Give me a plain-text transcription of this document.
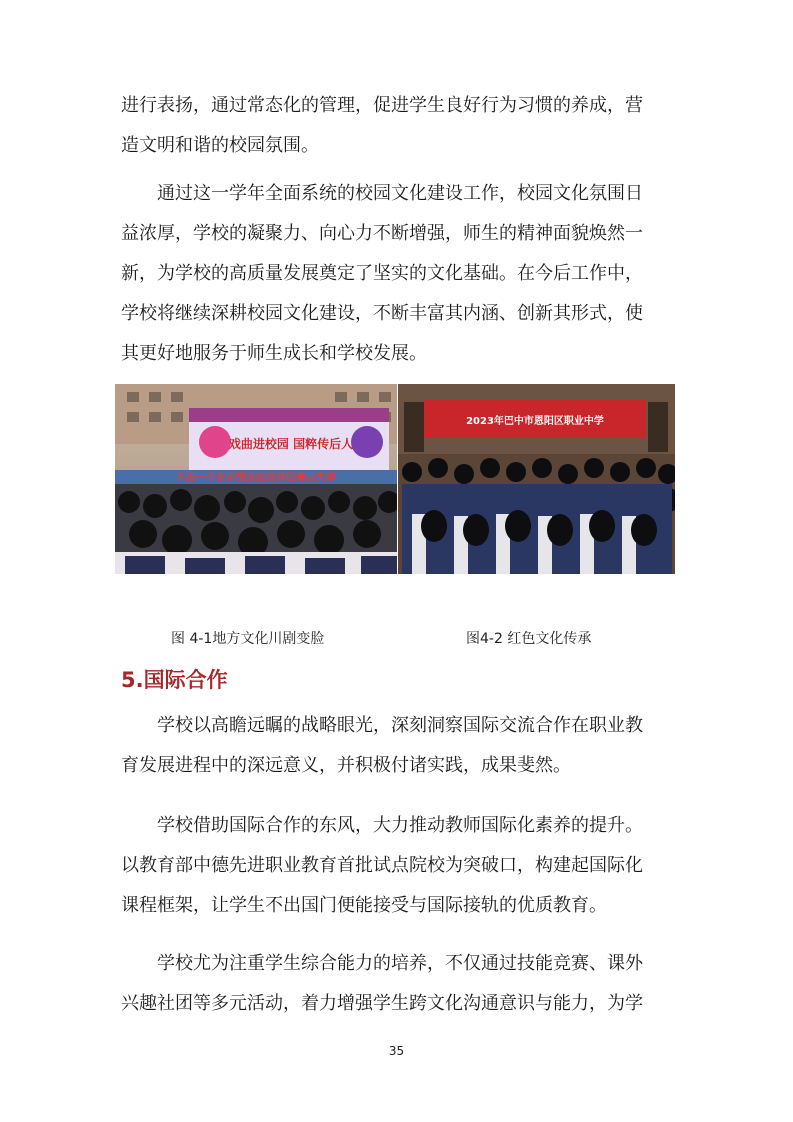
进行表扬，通过常态化的管理，促进学生良好行为习惯的养成，营
造文明和谐的校园氛围。
　　通过这一学年全面系统的校园文化建设工作，校园文化氛围日
益浓厚，学校的凝聚力、向心力不断增强，师生的精神面貌焕然一
新，为学校的高质量发展奠定了坚实的文化基础。在今后工作中，
学校将继续深耕校园文化建设，不断丰富其内涵、创新其形式，使
其更好地服务于师生成长和学校发展。
戏曲进校园 国粹传后人
不忘一个家乡国家庭经济团难而失学
2023年巴中市恩阳区职业中学
图 4-1地方文化川剧变脸	图4-2 红色文化传承
5.国际合作
　　学校以高瞻远瞩的战略眼光，深刻洞察国际交流合作在职业教
育发展进程中的深远意义，并积极付诸实践，成果斐然。
　　学校借助国际合作的东风，大力推动教师国际化素养的提升。
以教育部中德先进职业教育首批试点院校为突破口，构建起国际化
课程框架，让学生不出国门便能接受与国际接轨的优质教育。
　　学校尤为注重学生综合能力的培养，不仅通过技能竞赛、课外
兴趣社团等多元活动，着力增强学生跨文化沟通意识与能力，为学
35
